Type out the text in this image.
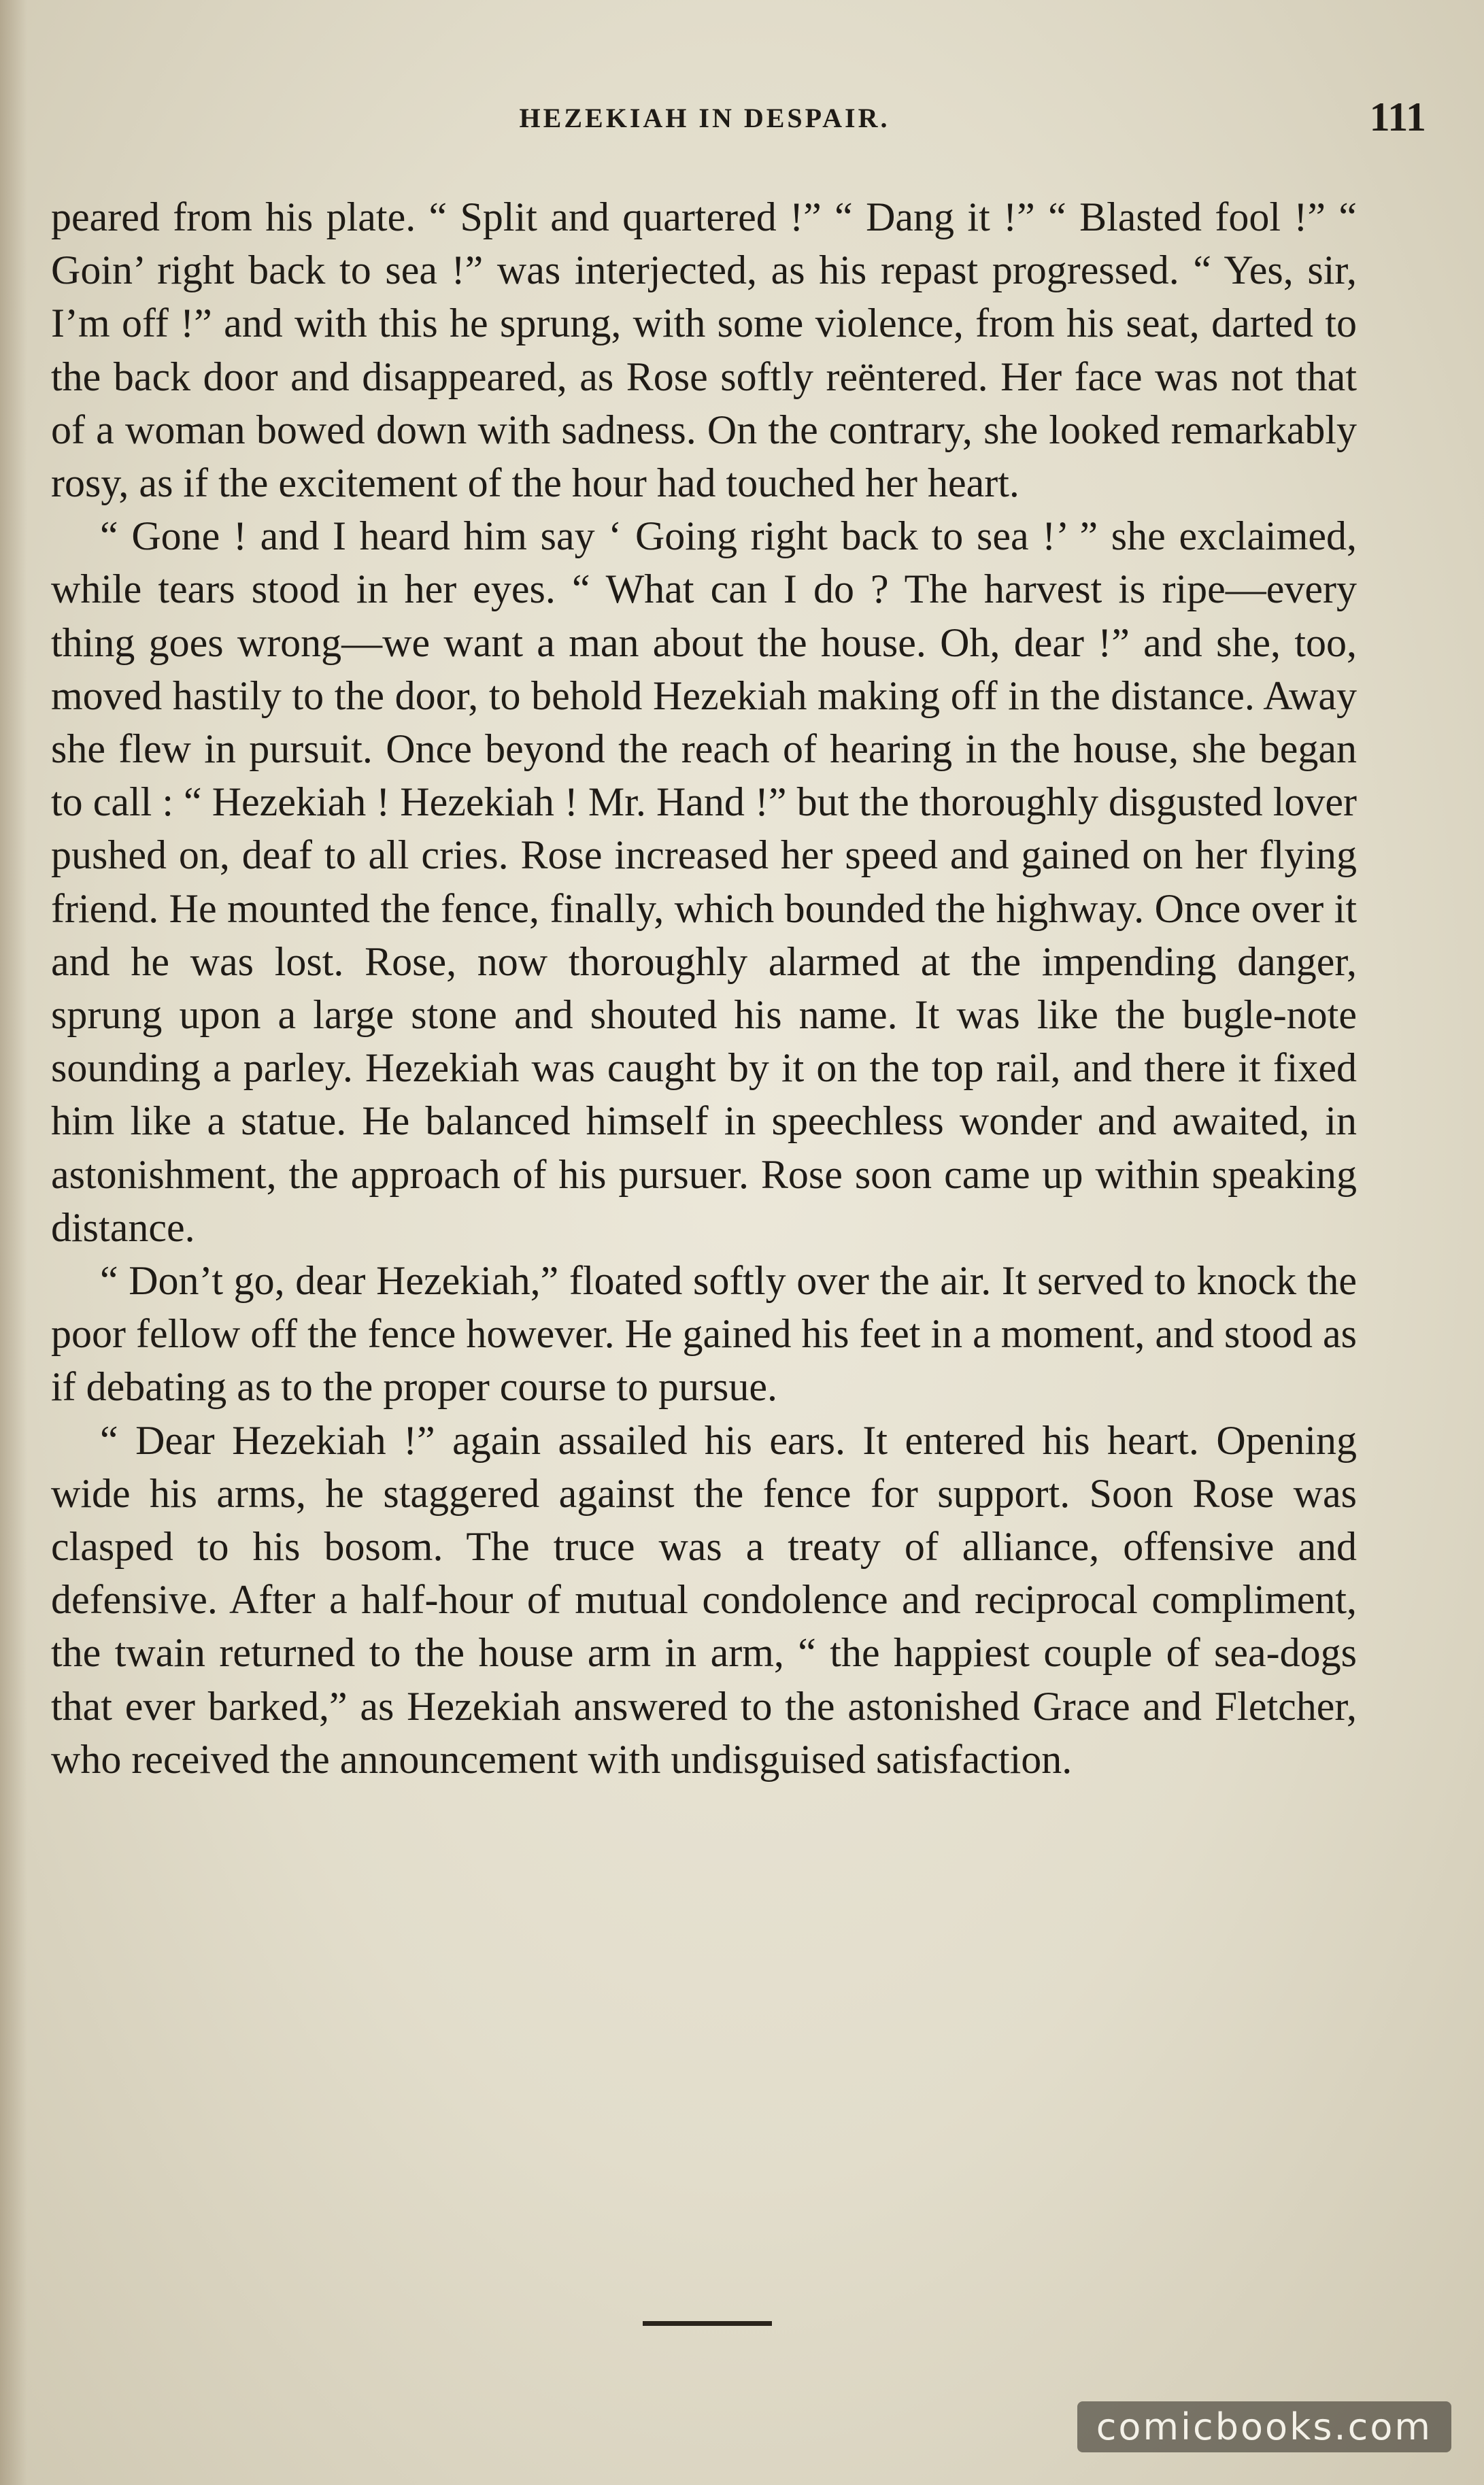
HEZEKIAH IN DESPAIR.	111

peared from his plate. “ Split and quartered !” “ Dang it !” “ Blasted fool !” “ Goin’ right back to sea !” was interjected, as his repast progressed. “ Yes, sir, I’m off !” and with this he sprung, with some violence, from his seat, darted to the back door and disappeared, as Rose softly reëntered. Her face was not that of a woman bowed down with sadness. On the contrary, she looked remarkably rosy, as if the excitement of the hour had touched her heart.

“ Gone ! and I heard him say ‘ Going right back to sea !’ ” she exclaimed, while tears stood in her eyes. “ What can I do ? The harvest is ripe—every thing goes wrong—we want a man about the house. Oh, dear !” and she, too, moved hastily to the door, to behold Hezekiah making off in the distance. Away she flew in pursuit. Once beyond the reach of hearing in the house, she began to call : “ Hezekiah ! Hezekiah ! Mr. Hand !” but the thoroughly disgusted lover pushed on, deaf to all cries. Rose increased her speed and gained on her flying friend. He mounted the fence, finally, which bounded the highway. Once over it and he was lost. Rose, now thoroughly alarmed at the impending danger, sprung upon a large stone and shouted his name. It was like the bugle-note sounding a parley. Hezekiah was caught by it on the top rail, and there it fixed him like a statue. He balanced himself in speechless wonder and awaited, in astonishment, the approach of his pursuer. Rose soon came up within speaking distance.

“ Don’t go, dear Hezekiah,” floated softly over the air. It served to knock the poor fellow off the fence however. He gained his feet in a moment, and stood as if debating as to the proper course to pursue.

“ Dear Hezekiah !” again assailed his ears. It entered his heart. Opening wide his arms, he staggered against the fence for support. Soon Rose was clasped to his bosom. The truce was a treaty of alliance, offensive and defensive. After a half-hour of mutual condolence and reciprocal compliment, the twain returned to the house arm in arm, “ the happiest couple of sea-dogs that ever barked,” as Hezekiah answered to the astonished Grace and Fletcher, who received the announcement with undisguised satisfaction.

comicbooks.com
